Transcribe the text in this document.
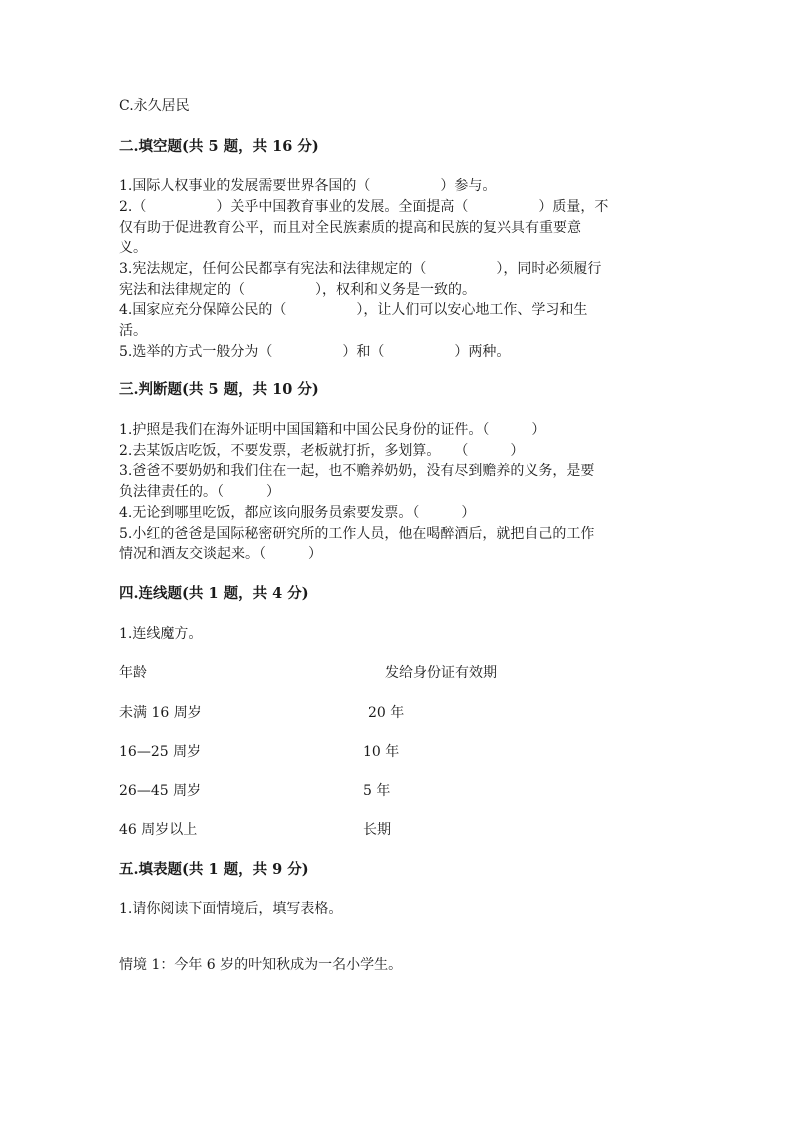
C.永久居民
二.填空题(共 5 题，共 16 分)
1.国际人权事业的发展需要世界各国的（　　　　　）参与。
2.（　　　　　）关乎中国教育事业的发展。全面提高（　　　　　）质量，不
仅有助于促进教育公平，而且对全民族素质的提高和民族的复兴具有重要意
义。
3.宪法规定，任何公民都享有宪法和法律规定的（　　　　　），同时必须履行
宪法和法律规定的（　　　　　），权利和义务是一致的。
4.国家应充分保障公民的（　　　　　），让人们可以安心地工作、学习和生
活。
5.选举的方式一般分为（　　　　　）和（　　　　　）两种。
三.判断题(共 5 题，共 10 分)
1.护照是我们在海外证明中国国籍和中国公民身份的证件。（　　　）
2.去某饭店吃饭，不要发票，老板就打折，多划算。　　（　　　）
3.爸爸不要奶奶和我们住在一起，也不赡养奶奶，没有尽到赡养的义务，是要
负法律责任的。（　　　）
4.无论到哪里吃饭，都应该向服务员索要发票。（　　　）
5.小红的爸爸是国际秘密研究所的工作人员，他在喝醉酒后，就把自己的工作
情况和酒友交谈起来。（　　　）
四.连线题(共 1 题，共 4 分)
1.连线魔方。
年龄	发给身份证有效期
未满 16 周岁	20 年
16—25 周岁	10 年
26—45 周岁	5 年
46 周岁以上	长期
五.填表题(共 1 题，共 9 分)
1.请你阅读下面情境后，填写表格。
情境 1：今年 6 岁的叶知秋成为一名小学生。
